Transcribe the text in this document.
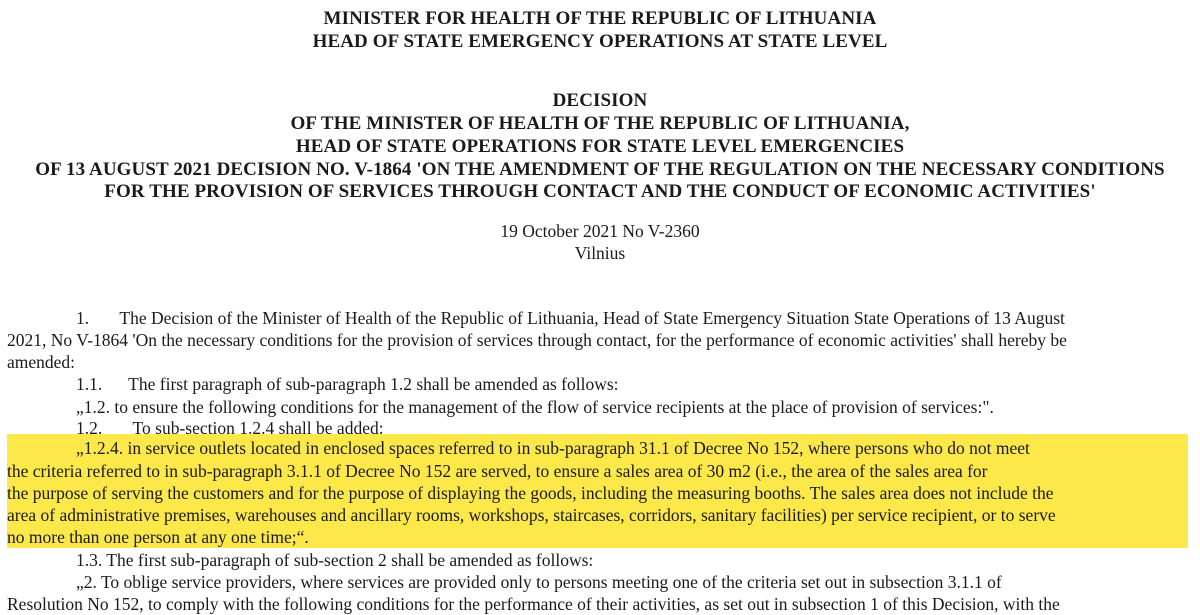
MINISTER FOR HEALTH OF THE REPUBLIC OF LITHUANIA
HEAD OF STATE EMERGENCY OPERATIONS AT STATE LEVEL
DECISION
OF THE MINISTER OF HEALTH OF THE REPUBLIC OF LITHUANIA,
HEAD OF STATE OPERATIONS FOR STATE LEVEL EMERGENCIES
OF 13 AUGUST 2021 DECISION NO. V-1864 'ON THE AMENDMENT OF THE REGULATION ON THE NECESSARY CONDITIONS
FOR THE PROVISION OF SERVICES THROUGH CONTACT AND THE CONDUCT OF ECONOMIC ACTIVITIES'
19 October 2021 No V-2360
Vilnius
1.       The Decision of the Minister of Health of the Republic of Lithuania, Head of State Emergency Situation State Operations of 13 August
2021, No V-1864 'On the necessary conditions for the provision of services through contact, for the performance of economic activities' shall hereby be
amended:
1.1.      The first paragraph of sub-paragraph 1.2 shall be amended as follows:
„1.2. to ensure the following conditions for the management of the flow of service recipients at the place of provision of services:".
1.2.       To sub-section 1.2.4 shall be added:
„1.2.4. in service outlets located in enclosed spaces referred to in sub-paragraph 31.1 of Decree No 152, where persons who do not meet
the criteria referred to in sub-paragraph 3.1.1 of Decree No 152 are served, to ensure a sales area of 30 m2 (i.e., the area of the sales area for
the purpose of serving the customers and for the purpose of displaying the goods, including the measuring booths. The sales area does not include the
area of administrative premises, warehouses and ancillary rooms, workshops, staircases, corridors, sanitary facilities) per service recipient, or to serve
no more than one person at any one time;“.
1.3. The first sub-paragraph of sub-section 2 shall be amended as follows:
„2. To oblige service providers, where services are provided only to persons meeting one of the criteria set out in subsection 3.1.1 of
Resolution No 152, to comply with the following conditions for the performance of their activities, as set out in subsection 1 of this Decision, with the
